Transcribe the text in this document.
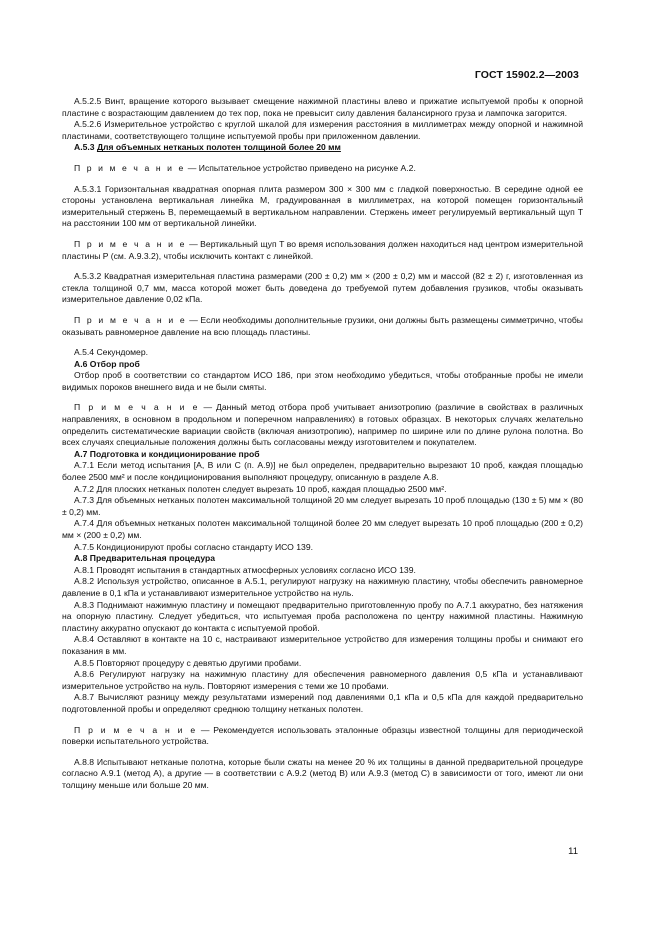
ГОСТ 15902.2—2003

А.5.2.5 Винт, вращение которого вызывает смещение нажимной пластины влево и прижатие испытуемой пробы к опорной пластине с возрастающим давлением до тех пор, пока не превысит силу давления балансирного груза и лампочка загорится.

А.5.2.6 Измерительное устройство с круглой шкалой для измерения расстояния в миллиметрах между опорной и нажимной пластинами, соответствующего толщине испытуемой пробы при приложенном давлении.

А.5.3 Для объемных нетканых полотен толщиной более 20 мм

П р и м е ч а н и е — Испытательное устройство приведено на рисунке А.2.

А.5.3.1 Горизонтальная квадратная опорная плита размером 300 × 300 мм с гладкой поверхностью. В середине одной ее стороны установлена вертикальная линейка M, градуированная в миллиметрах, на которой помещен горизонтальный измерительный стержень B, перемещаемый в вертикальном направлении. Стержень имеет регулируемый вертикальный щуп T на расстоянии 100 мм от вертикальной линейки.

П р и м е ч а н и е — Вертикальный щуп T во время использования должен находиться над центром измерительной пластины P (см. А.9.3.2), чтобы исключить контакт с линейкой.

А.5.3.2 Квадратная измерительная пластина размерами (200 ± 0,2) мм × (200 ± 0,2) мм и массой (82 ± 2) г, изготовленная из стекла толщиной 0,7 мм, масса которой может быть доведена до требуемой путем добавления грузиков, чтобы оказывать измерительное давление 0,02 кПа.

П р и м е ч а н и е — Если необходимы дополнительные грузики, они должны быть размещены симметрично, чтобы оказывать равномерное давление на всю площадь пластины.

А.5.4 Секундомер.

А.6 Отбор проб

Отбор проб в соответствии со стандартом ИСО 186, при этом необходимо убедиться, чтобы отобранные пробы не имели видимых пороков внешнего вида и не были смяты.

П р и м е ч а н и е — Данный метод отбора проб учитывает анизотропию (различие в свойствах в различных направлениях, в основном в продольном и поперечном направлениях) в готовых образцах. В некоторых случаях желательно определить систематические вариации свойств (включая анизотропию), например по ширине или по длине рулона полотна. Во всех случаях специальные положения должны быть согласованы между изготовителем и покупателем.

А.7 Подготовка и кондиционирование проб

А.7.1 Если метод испытания [А, В или С (п. А.9)] не был определен, предварительно вырезают 10 проб, каждая площадью более 2500 мм² и после кондиционирования выполняют процедуру, описанную в разделе А.8.

А.7.2 Для плоских нетканых полотен следует вырезать 10 проб, каждая площадью 2500 мм².

А.7.3 Для объемных нетканых полотен максимальной толщиной 20 мм следует вырезать 10 проб площадью (130 ± 5) мм × (80 ± 0,2) мм.

А.7.4 Для объемных нетканых полотен максимальной толщиной более 20 мм следует вырезать 10 проб площадью (200 ± 0,2) мм × (200 ± 0,2) мм.

А.7.5 Кондиционируют пробы согласно стандарту ИСО 139.

А.8 Предварительная процедура

А.8.1 Проводят испытания в стандартных атмосферных условиях согласно ИСО 139.

А.8.2 Используя устройство, описанное в А.5.1, регулируют нагрузку на нажимную пластину, чтобы обеспечить равномерное давление в 0,1 кПа и устанавливают измерительное устройство на нуль.

А.8.3 Поднимают нажимную пластину и помещают предварительно приготовленную пробу по А.7.1 аккуратно, без натяжения на опорную пластину. Следует убедиться, что испытуемая проба расположена по центру нажимной пластины. Нажимную пластину аккуратно опускают до контакта с испытуемой пробой.

А.8.4 Оставляют в контакте на 10 с, настраивают измерительное устройство для измерения толщины пробы и снимают его показания в мм.

А.8.5 Повторяют процедуру с девятью другими пробами.

А.8.6 Регулируют нагрузку на нажимную пластину для обеспечения равномерного давления 0,5 кПа и устанавливают измерительное устройство на нуль. Повторяют измерения с теми же 10 пробами.

А.8.7 Вычисляют разницу между результатами измерений под давлениями 0,1 кПа и 0,5 кПа для каждой предварительно подготовленной пробы и определяют среднюю толщину нетканых полотен.

П р и м е ч а н и е — Рекомендуется использовать эталонные образцы известной толщины для периодической поверки испытательного устройства.

А.8.8 Испытывают нетканые полотна, которые были сжаты на менее 20 % их толщины в данной предварительной процедуре согласно А.9.1 (метод А), а другие — в соответствии с А.9.2 (метод В) или А.9.3 (метод С) в зависимости от того, имеют ли они толщину меньше или больше 20 мм.

11
